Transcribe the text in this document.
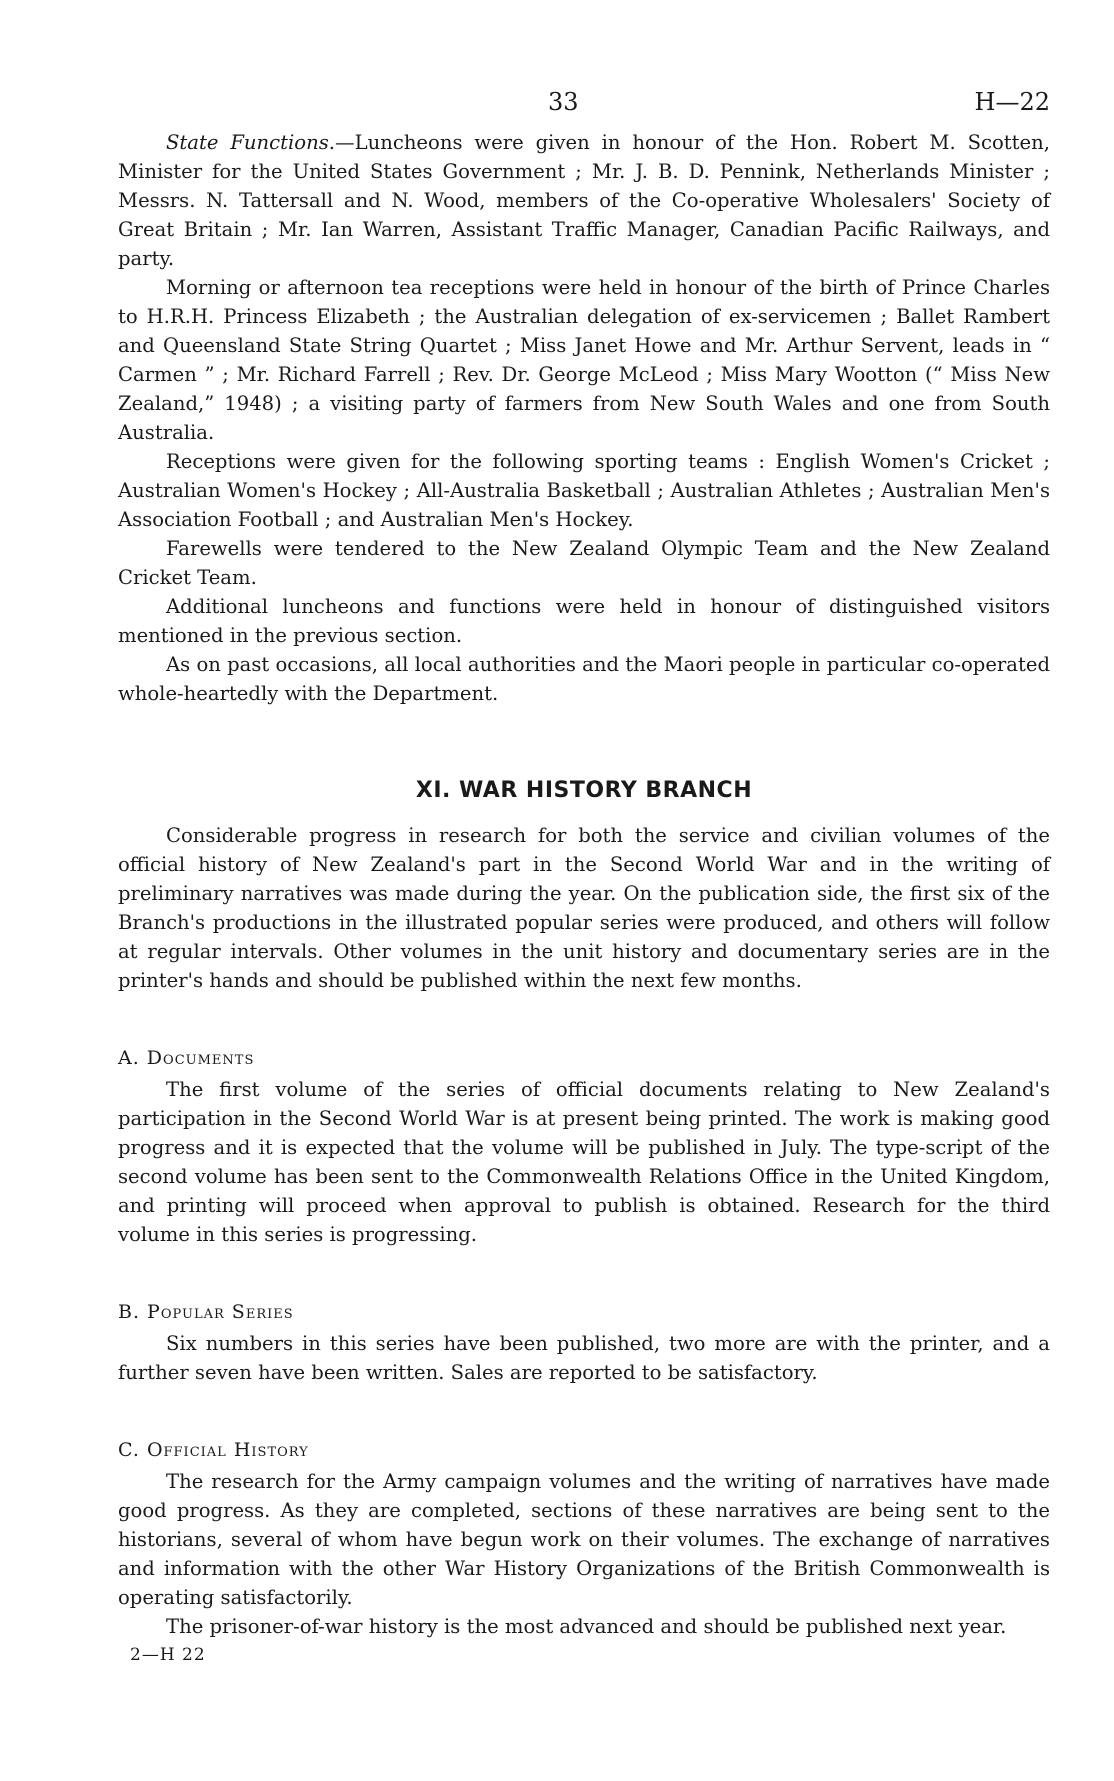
33	H—22

State Functions.—Luncheons were given in honour of the Hon. Robert M. Scotten, Minister for the United States Government ; Mr. J. B. D. Pennink, Netherlands Minister ; Messrs. N. Tattersall and N. Wood, members of the Co-operative Wholesalers' Society of Great Britain ; Mr. Ian Warren, Assistant Traffic Manager, Canadian Pacific Railways, and party.

Morning or afternoon tea receptions were held in honour of the birth of Prince Charles to H.R.H. Princess Elizabeth ; the Australian delegation of ex-servicemen ; Ballet Rambert and Queensland State String Quartet ; Miss Janet Howe and Mr. Arthur Servent, leads in “ Carmen ” ; Mr. Richard Farrell ; Rev. Dr. George McLeod ; Miss Mary Wootton (“ Miss New Zealand,” 1948) ; a visiting party of farmers from New South Wales and one from South Australia.

Receptions were given for the following sporting teams : English Women's Cricket ; Australian Women's Hockey ; All-Australia Basketball ; Australian Athletes ; Australian Men's Association Football ; and Australian Men's Hockey.

Farewells were tendered to the New Zealand Olympic Team and the New Zealand Cricket Team.

Additional luncheons and functions were held in honour of distinguished visitors mentioned in the previous section.

As on past occasions, all local authorities and the Maori people in particular co-operated whole-heartedly with the Department.

XI. WAR HISTORY BRANCH

Considerable progress in research for both the service and civilian volumes of the official history of New Zealand's part in the Second World War and in the writing of preliminary narratives was made during the year. On the publication side, the first six of the Branch's productions in the illustrated popular series were produced, and others will follow at regular intervals. Other volumes in the unit history and documentary series are in the printer's hands and should be published within the next few months.

A. Documents

The first volume of the series of official documents relating to New Zealand's participation in the Second World War is at present being printed. The work is making good progress and it is expected that the volume will be published in July. The type-script of the second volume has been sent to the Commonwealth Relations Office in the United Kingdom, and printing will proceed when approval to publish is obtained. Research for the third volume in this series is progressing.

B. Popular Series

Six numbers in this series have been published, two more are with the printer, and a further seven have been written. Sales are reported to be satisfactory.

C. Official History

The research for the Army campaign volumes and the writing of narratives have made good progress. As they are completed, sections of these narratives are being sent to the historians, several of whom have begun work on their volumes. The exchange of narratives and information with the other War History Organizations of the British Commonwealth is operating satisfactorily.

The prisoner-of-war history is the most advanced and should be published next year.

2—H 22
